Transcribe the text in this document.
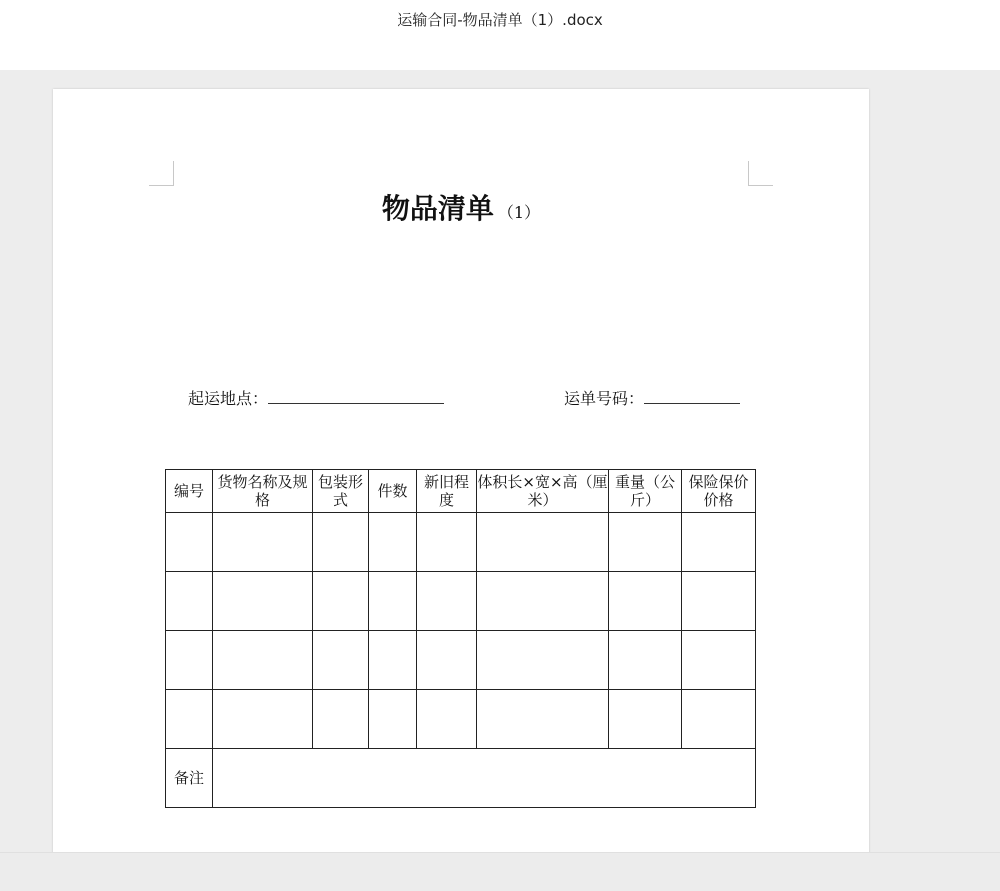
运输合同-物品清单（1）.docx
物品清单 （1）
起运地点：	运单号码：
编号	货物名称及规格	包装形式	件数	新旧程度	体积长×宽×高（厘米）	重量（公斤）	保险保价价格

备注							
